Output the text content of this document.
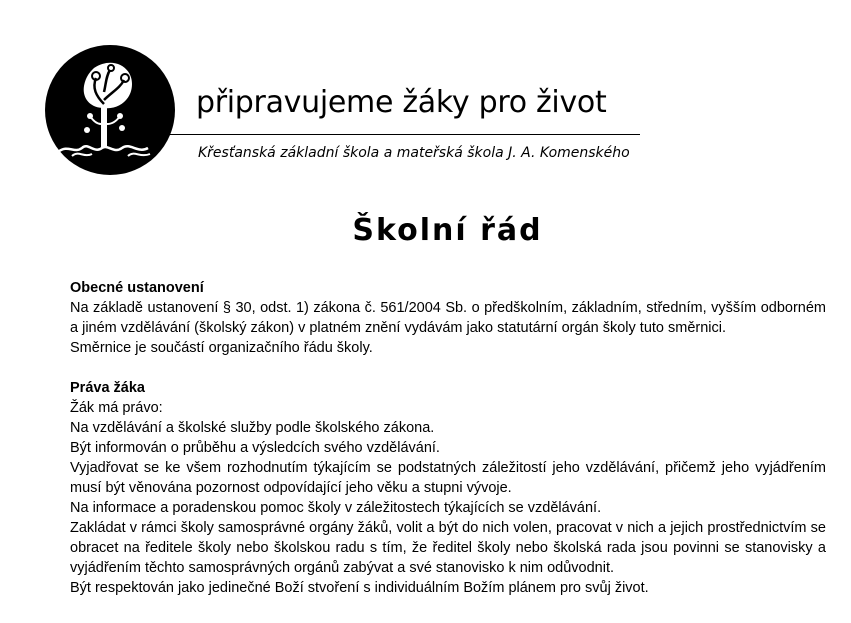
připravujeme žáky pro život
Křesťanská základní škola a mateřská škola J. A. Komenského
Školní řád

Obecné ustanovení

Na základě ustanovení § 30, odst. 1) zákona č. 561/2004 Sb. o předškolním, základním, středním, vyšším odborném a jiném vzdělávání (školský zákon) v platném znění vydávám jako statutární orgán školy tuto směrnici.

Směrnice je součástí organizačního řádu školy.

Práva žáka

Žák má právo:

Na vzdělávání a školské služby podle školského zákona.

Být informován o průběhu a výsledcích svého vzdělávání.

Vyjadřovat se ke všem rozhodnutím týkajícím se podstatných záležitostí jeho vzdělávání, přičemž jeho vyjádřením musí být věnována pozornost odpovídající jeho věku a stupni vývoje.

Na informace a poradenskou pomoc školy v záležitostech týkajících se vzdělávání.

Zakládat v rámci školy samosprávné orgány žáků, volit a být do nich volen, pracovat v nich a jejich prostřednictvím se obracet na ředitele školy nebo školskou radu s tím, že ředitel školy nebo školská rada jsou povinni se stanovisky a vyjádřením těchto samosprávných orgánů zabývat a své stanovisko k nim odůvodnit.

Být respektován jako jedinečné Boží stvoření s individuálním Božím plánem pro svůj život.
